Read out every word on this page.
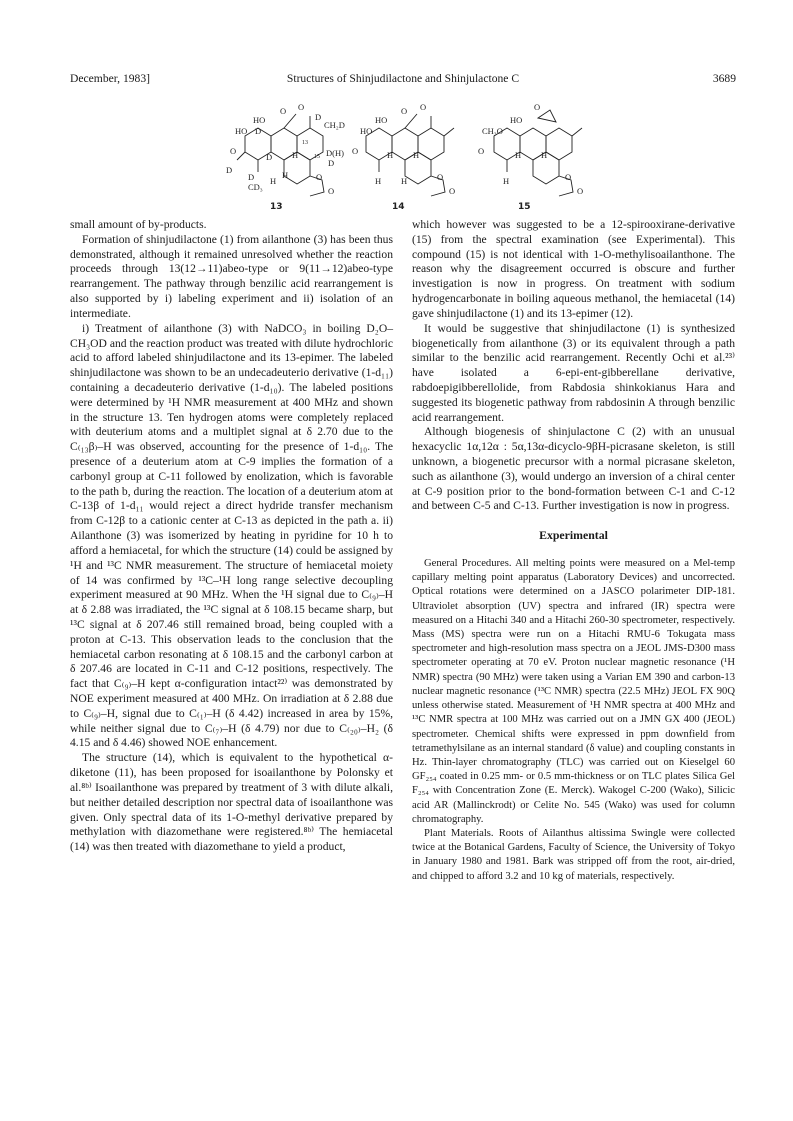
December, 1983]	Structures of Shinjudilactone and Shinjulactone C	3689
HO
HO D
O O
D
CH₂D
13
D(H)
D
D
D
H
H
15
D
CD₃
H
O
O
O
13
HO
HO
O O
H H
H H
O
O
O
14
HO
CH₃O
O
O	H H
H	O
O
15

small amount of by-products.

Formation of shinjudilactone (1) from ailanthone (3) has been thus demonstrated, although it remained unresolved whether the reaction proceeds through 13(12→11)abeo-type or 9(11→12)abeo-type rearrangement. The pathway through benzilic acid rearrangement is also supported by i) labeling experiment and ii) isolation of an intermediate.

i) Treatment of ailanthone (3) with NaDCO₃ in boiling D₂O–CH₃OD and the reaction product was treated with dilute hydrochloric acid to afford labeled shinjudilactone and its 13-epimer. The labeled shinjudilactone was shown to be an undecadeuterio derivative (1-d₁₁) containing a decadeuterio derivative (1-d₁₀). The labeled positions were determined by ¹H NMR measurement at 400 MHz and shown in the structure 13. Ten hydrogen atoms were completely replaced with deuterium atoms and a multiplet signal at δ 2.70 due to the C₍₁₃β₎–H was observed, accounting for the presence of 1-d₁₀. The presence of a deuterium atom at C-9 implies the formation of a carbonyl group at C-11 followed by enolization, which is favorable to the path b, during the reaction. The location of a deuterium atom at C-13β of 1-d₁₁ would reject a direct hydride transfer mechanism from C-12β to a cationic center at C-13 as depicted in the path a. ii) Ailanthone (3) was isomerized by heating in pyridine for 10 h to afford a hemiacetal, for which the structure (14) could be assigned by ¹H and ¹³C NMR measurement. The structure of hemiacetal moiety of 14 was confirmed by ¹³C–¹H long range selective decoupling experiment measured at 90 MHz. When the ¹H signal due to C₍₉₎–H at δ 2.88 was irradiated, the ¹³C signal at δ 108.15 became sharp, but ¹³C signal at δ 207.46 still remained broad, being coupled with a proton at C-13. This observation leads to the conclusion that the hemiacetal carbon resonating at δ 108.15 and the carbonyl carbon at δ 207.46 are located in C-11 and C-12 positions, respectively. The fact that C₍₉₎–H kept α-configuration intact²²⁾ was demonstrated by NOE experiment measured at 400 MHz. On irradiation at δ 2.88 due to C₍₉₎–H, signal due to C₍₁₎–H (δ 4.42) increased in area by 15%, while neither signal due to C₍₇₎–H (δ 4.79) nor due to C₍₂₀₎–H₂ (δ 4.15 and δ 4.46) showed NOE enhancement.

The structure (14), which is equivalent to the hypothetical α-diketone (11), has been proposed for isoailanthone by Polonsky et al.⁸ᵇ⁾ Isoailanthone was prepared by treatment of 3 with dilute alkali, but neither detailed description nor spectral data of isoailanthone was given. Only spectral data of its 1-O-methyl derivative prepared by methylation with diazomethane were registered.⁸ᵇ⁾ The hemiacetal (14) was then treated with diazomethane to yield a product,

which however was suggested to be a 12-spirooxirane-derivative (15) from the spectral examination (see Experimental). This compound (15) is not identical with 1-O-methylisoailanthone. The reason why the disagreement occurred is obscure and further investigation is now in progress. On treatment with sodium hydrogencarbonate in boiling aqueous methanol, the hemiacetal (14) gave shinjudilactone (1) and its 13-epimer (12).

It would be suggestive that shinjudilactone (1) is synthesized biogenetically from ailanthone (3) or its equivalent through a path similar to the benzilic acid rearrangement. Recently Ochi et al.²³⁾ have isolated a 6-epi-ent-gibberellane derivative, rabdoepigibberellolide, from Rabdosia shinkokianus Hara and suggested its biogenetic pathway from rabdosinin A through benzilic acid rearrangement.

Although biogenesis of shinjulactone C (2) with an unusual hexacyclic 1α,12α : 5α,13α-dicyclo-9βH-picrasane skeleton, is still unknown, a biogenetic precursor with a normal picrasane skeleton, such as ailanthone (3), would undergo an inversion of a chiral center at C-9 position prior to the bond-formation between C-1 and C-12 and between C-5 and C-13. Further investigation is now in progress.

Experimental

General Procedures. All melting points were measured on a Mel-temp capillary melting point apparatus (Laboratory Devices) and uncorrected. Optical rotations were determined on a JASCO polarimeter DIP-181. Ultraviolet absorption (UV) spectra and infrared (IR) spectra were measured on a Hitachi 340 and a Hitachi 260-30 spectrometer, respectively. Mass (MS) spectra were run on a Hitachi RMU-6 Tokugata mass spectrometer and high-resolution mass spectra on a JEOL JMS-D300 mass spectrometer operating at 70 eV. Proton nuclear magnetic resonance (¹H NMR) spectra (90 MHz) were taken using a Varian EM 390 and carbon-13 nuclear magnetic resonance (¹³C NMR) spectra (22.5 MHz) JEOL FX 90Q unless otherwise stated. Measurement of ¹H NMR spectra at 400 MHz and ¹³C NMR spectra at 100 MHz was carried out on a JMN GX 400 (JEOL) spectrometer. Chemical shifts were expressed in ppm downfield from tetramethylsilane as an internal standard (δ value) and coupling constants in Hz. Thin-layer chromatography (TLC) was carried out on Kieselgel 60 GF₂₅₄ coated in 0.25 mm- or 0.5 mm-thickness or on TLC plates Silica Gel F₂₅₄ with Concentration Zone (E. Merck). Wakogel C-200 (Wako), Silicic acid AR (Mallinckrodt) or Celite No. 545 (Wako) was used for column chromatography.

Plant Materials. Roots of Ailanthus altissima Swingle were collected twice at the Botanical Gardens, Faculty of Science, the University of Tokyo in January 1980 and 1981. Bark was stripped off from the root, air-dried, and chipped to afford 3.2 and 10 kg of materials, respectively.
